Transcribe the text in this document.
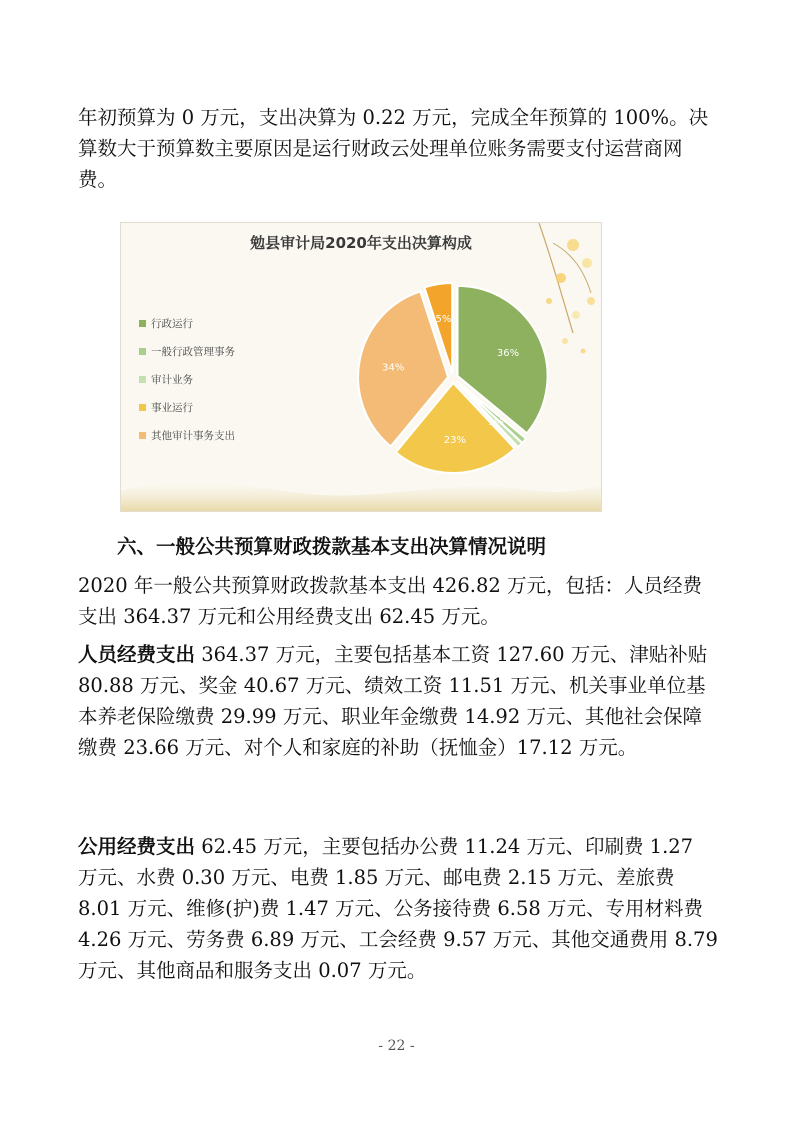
年初预算为 0 万元，支出决算为 0.22 万元，完成全年预算的 100%。决算数大于预算数主要原因是运行财政云处理单位账务需要支付运营商网费。

勉县审计局2020年支出决算构成
行政运行
一般行政管理事务
审计业务
事业运行
其他审计事务支出
36%
1%
23%
34%
5%
六、一般公共预算财政拨款基本支出决算情况说明

2020 年一般公共预算财政拨款基本支出 426.82 万元，包括：人员经费支出 364.37 万元和公用经费支出 62.45 万元。

人员经费支出 364.37 万元，主要包括基本工资 127.60 万元、津贴补贴 80.88 万元、奖金 40.67 万元、绩效工资 11.51 万元、机关事业单位基本养老保险缴费 29.99 万元、职业年金缴费 14.92 万元、其他社会保障缴费 23.66 万元、对个人和家庭的补助（抚恤金）17.12 万元。

公用经费支出 62.45 万元，主要包括办公费 11.24 万元、印刷费 1.27 万元、水费 0.30 万元、电费 1.85 万元、邮电费 2.15 万元、差旅费 8.01 万元、维修(护)费 1.47 万元、公务接待费 6.58 万元、专用材料费 4.26 万元、劳务费 6.89 万元、工会经费 9.57 万元、其他交通费用 8.79 万元、其他商品和服务支出 0.07 万元。

- 22 -
